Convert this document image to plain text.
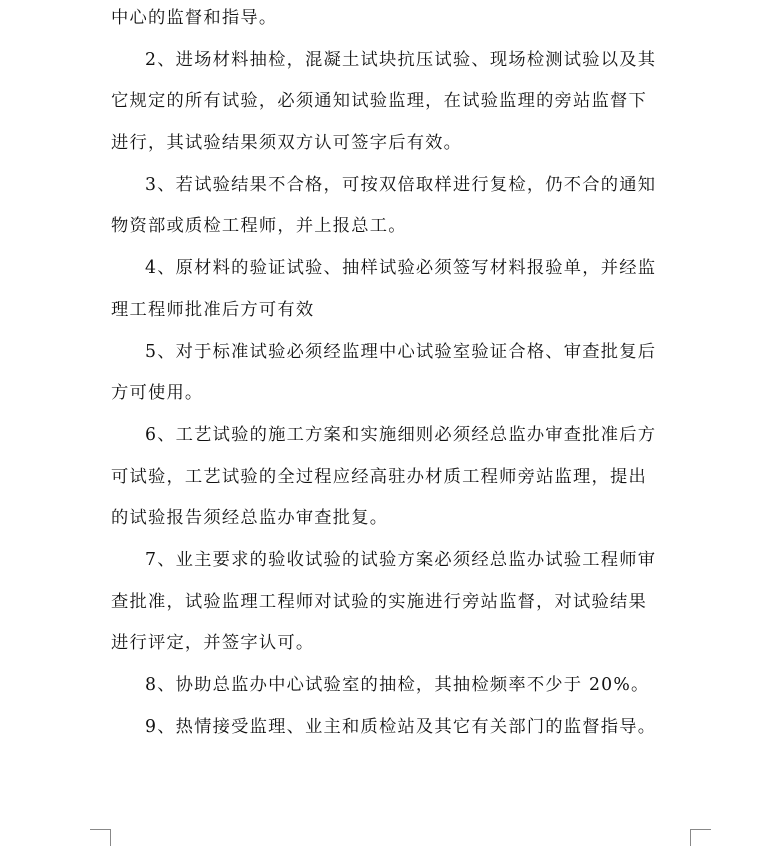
中心的监督和指导。
2、进场材料抽检，混凝土试块抗压试验、现场检测试验以及其
它规定的所有试验，必须通知试验监理，在试验监理的旁站监督下
进行，其试验结果须双方认可签字后有效。
3、若试验结果不合格，可按双倍取样进行复检，仍不合的通知
物资部或质检工程师，并上报总工。
4、原材料的验证试验、抽样试验必须签写材料报验单，并经监
理工程师批准后方可有效
5、对于标准试验必须经监理中心试验室验证合格、审查批复后
方可使用。
6、工艺试验的施工方案和实施细则必须经总监办审查批准后方
可试验，工艺试验的全过程应经高驻办材质工程师旁站监理，提出
的试验报告须经总监办审查批复。
7、业主要求的验收试验的试验方案必须经总监办试验工程师审
查批准，试验监理工程师对试验的实施进行旁站监督，对试验结果
进行评定，并签字认可。
8、协助总监办中心试验室的抽检，其抽检频率不少于 20%。
9、热情接受监理、业主和质检站及其它有关部门的监督指导。
